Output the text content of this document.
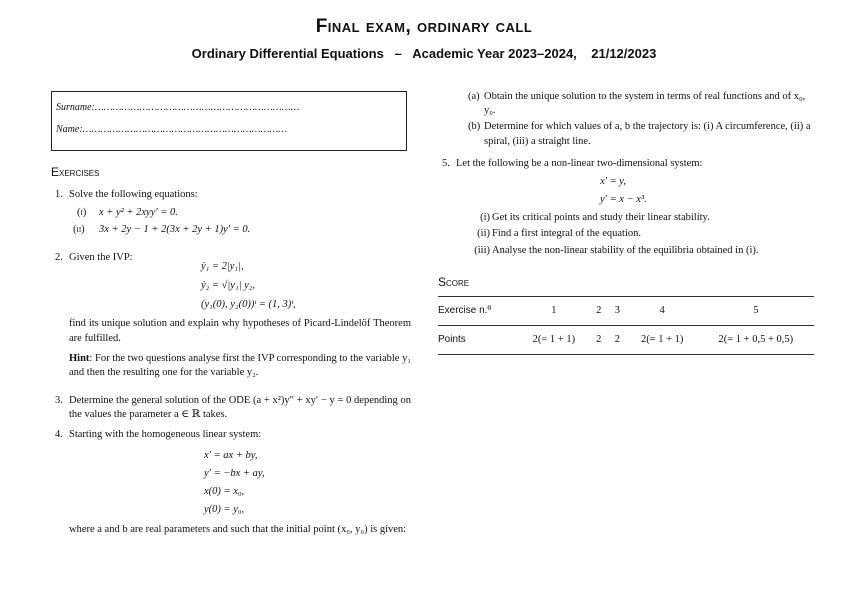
Final exam, ordinary call
Ordinary Differential Equations   –   Academic Year 2023–2024,    21/12/2023
Surname:……………………………………………………………
Name:……………………………………………………………
Exercises
1. Solve the following equations:
(i) x + y² + 2xyy′ = 0.
(ii) 3x + 2y − 1 + 2(3x + 2y + 1)y′ = 0.
2. Given the IVP:
ẏ₁ = 2|y₁|,
ẏ₂ = √|y₁| y₂,
(y₁(0), y₂(0))ᵗ = (1, 3)ᵗ,
find its unique solution and explain why hypotheses of Picard-Lindelöf Theorem are fulfilled.
Hint: For the two questions analyse first the IVP corresponding to the variable y₁ and then the resulting one for the variable y₂.
3. Determine the general solution of the ODE (a + x²)y″ + xy′ − y = 0 depending on the values the parameter a ∈ ℝ takes.
4. Starting with the homogeneous linear system:
x′ = ax + by,
y′ = −bx + ay,
x(0) = x₀,
y(0) = y₀,
where a and b are real parameters and such that the initial point (x₀, y₀) is given:
(a) Obtain the unique solution to the system in terms of real functions and of x₀, y₀.
(b) Determine for which values of a, b the trajectory is: (i) A circumference, (ii) a spiral, (iii) a straight line.
5. Let the following be a non-linear two-dimensional system:
x′ = y,
y′ = x − x³.
(i) Get its critical points and study their linear stability.
(ii) Find a first integral of the equation.
(iii) Analyse the non-linear stability of the equilibria obtained in (i).
Score
Exercise n.º	1	2	3	4	5
Points	2(= 1 + 1)	2	2	2(= 1 + 1)	2(= 1 + 0,5 + 0,5)
